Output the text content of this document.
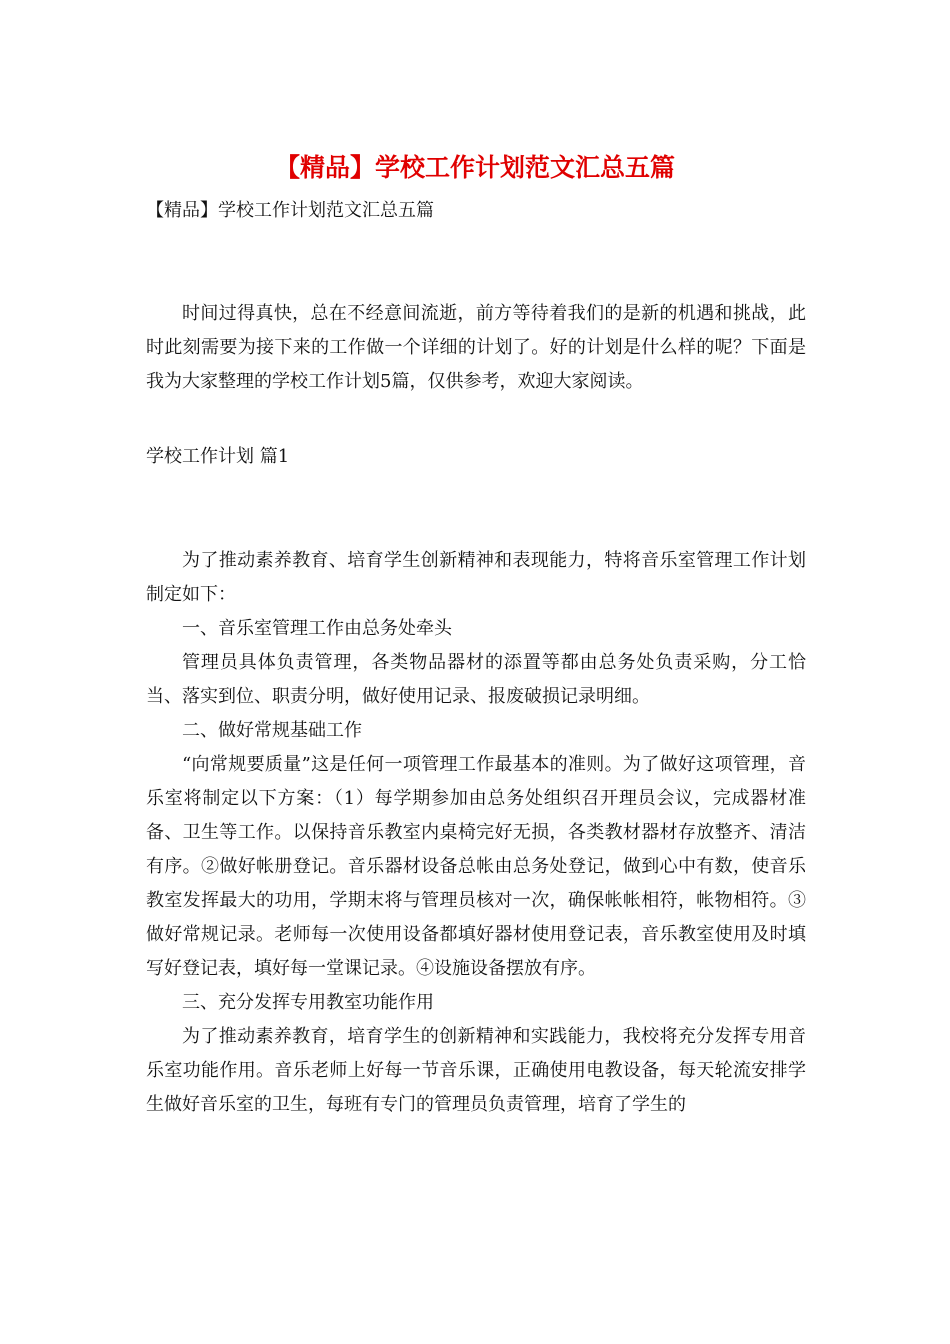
【精品】学校工作计划范文汇总五篇

【精品】学校工作计划范文汇总五篇

时间过得真快，总在不经意间流逝，前方等待着我们的是新的机遇和挑战，此时此刻需要为接下来的工作做一个详细的计划了。好的计划是什么样的呢？下面是我为大家整理的学校工作计划5篇，仅供参考，欢迎大家阅读。

学校工作计划 篇1

为了推动素养教育、培育学生创新精神和表现能力，特将音乐室管理工作计划制定如下：

一、音乐室管理工作由总务处牵头

管理员具体负责管理，各类物品器材的添置等都由总务处负责采购，分工恰当、落实到位、职责分明，做好使用记录、报废破损记录明细。

二、做好常规基础工作

“向常规要质量”这是任何一项管理工作最基本的准则。为了做好这项管理，音乐室将制定以下方案：（1）每学期参加由总务处组织召开理员会议，完成器材准备、卫生等工作。以保持音乐教室内桌椅完好无损，各类教材器材存放整齐、清洁有序。②做好帐册登记。音乐器材设备总帐由总务处登记，做到心中有数，使音乐教室发挥最大的功用，学期末将与管理员核对一次，确保帐帐相符，帐物相符。③做好常规记录。老师每一次使用设备都填好器材使用登记表，音乐教室使用及时填写好登记表，填好每一堂课记录。④设施设备摆放有序。

三、充分发挥专用教室功能作用

为了推动素养教育，培育学生的创新精神和实践能力，我校将充分发挥专用音乐室功能作用。音乐老师上好每一节音乐课，正确使用电教设备，每天轮流安排学生做好音乐室的卫生，每班有专门的管理员负责管理，培育了学生的
